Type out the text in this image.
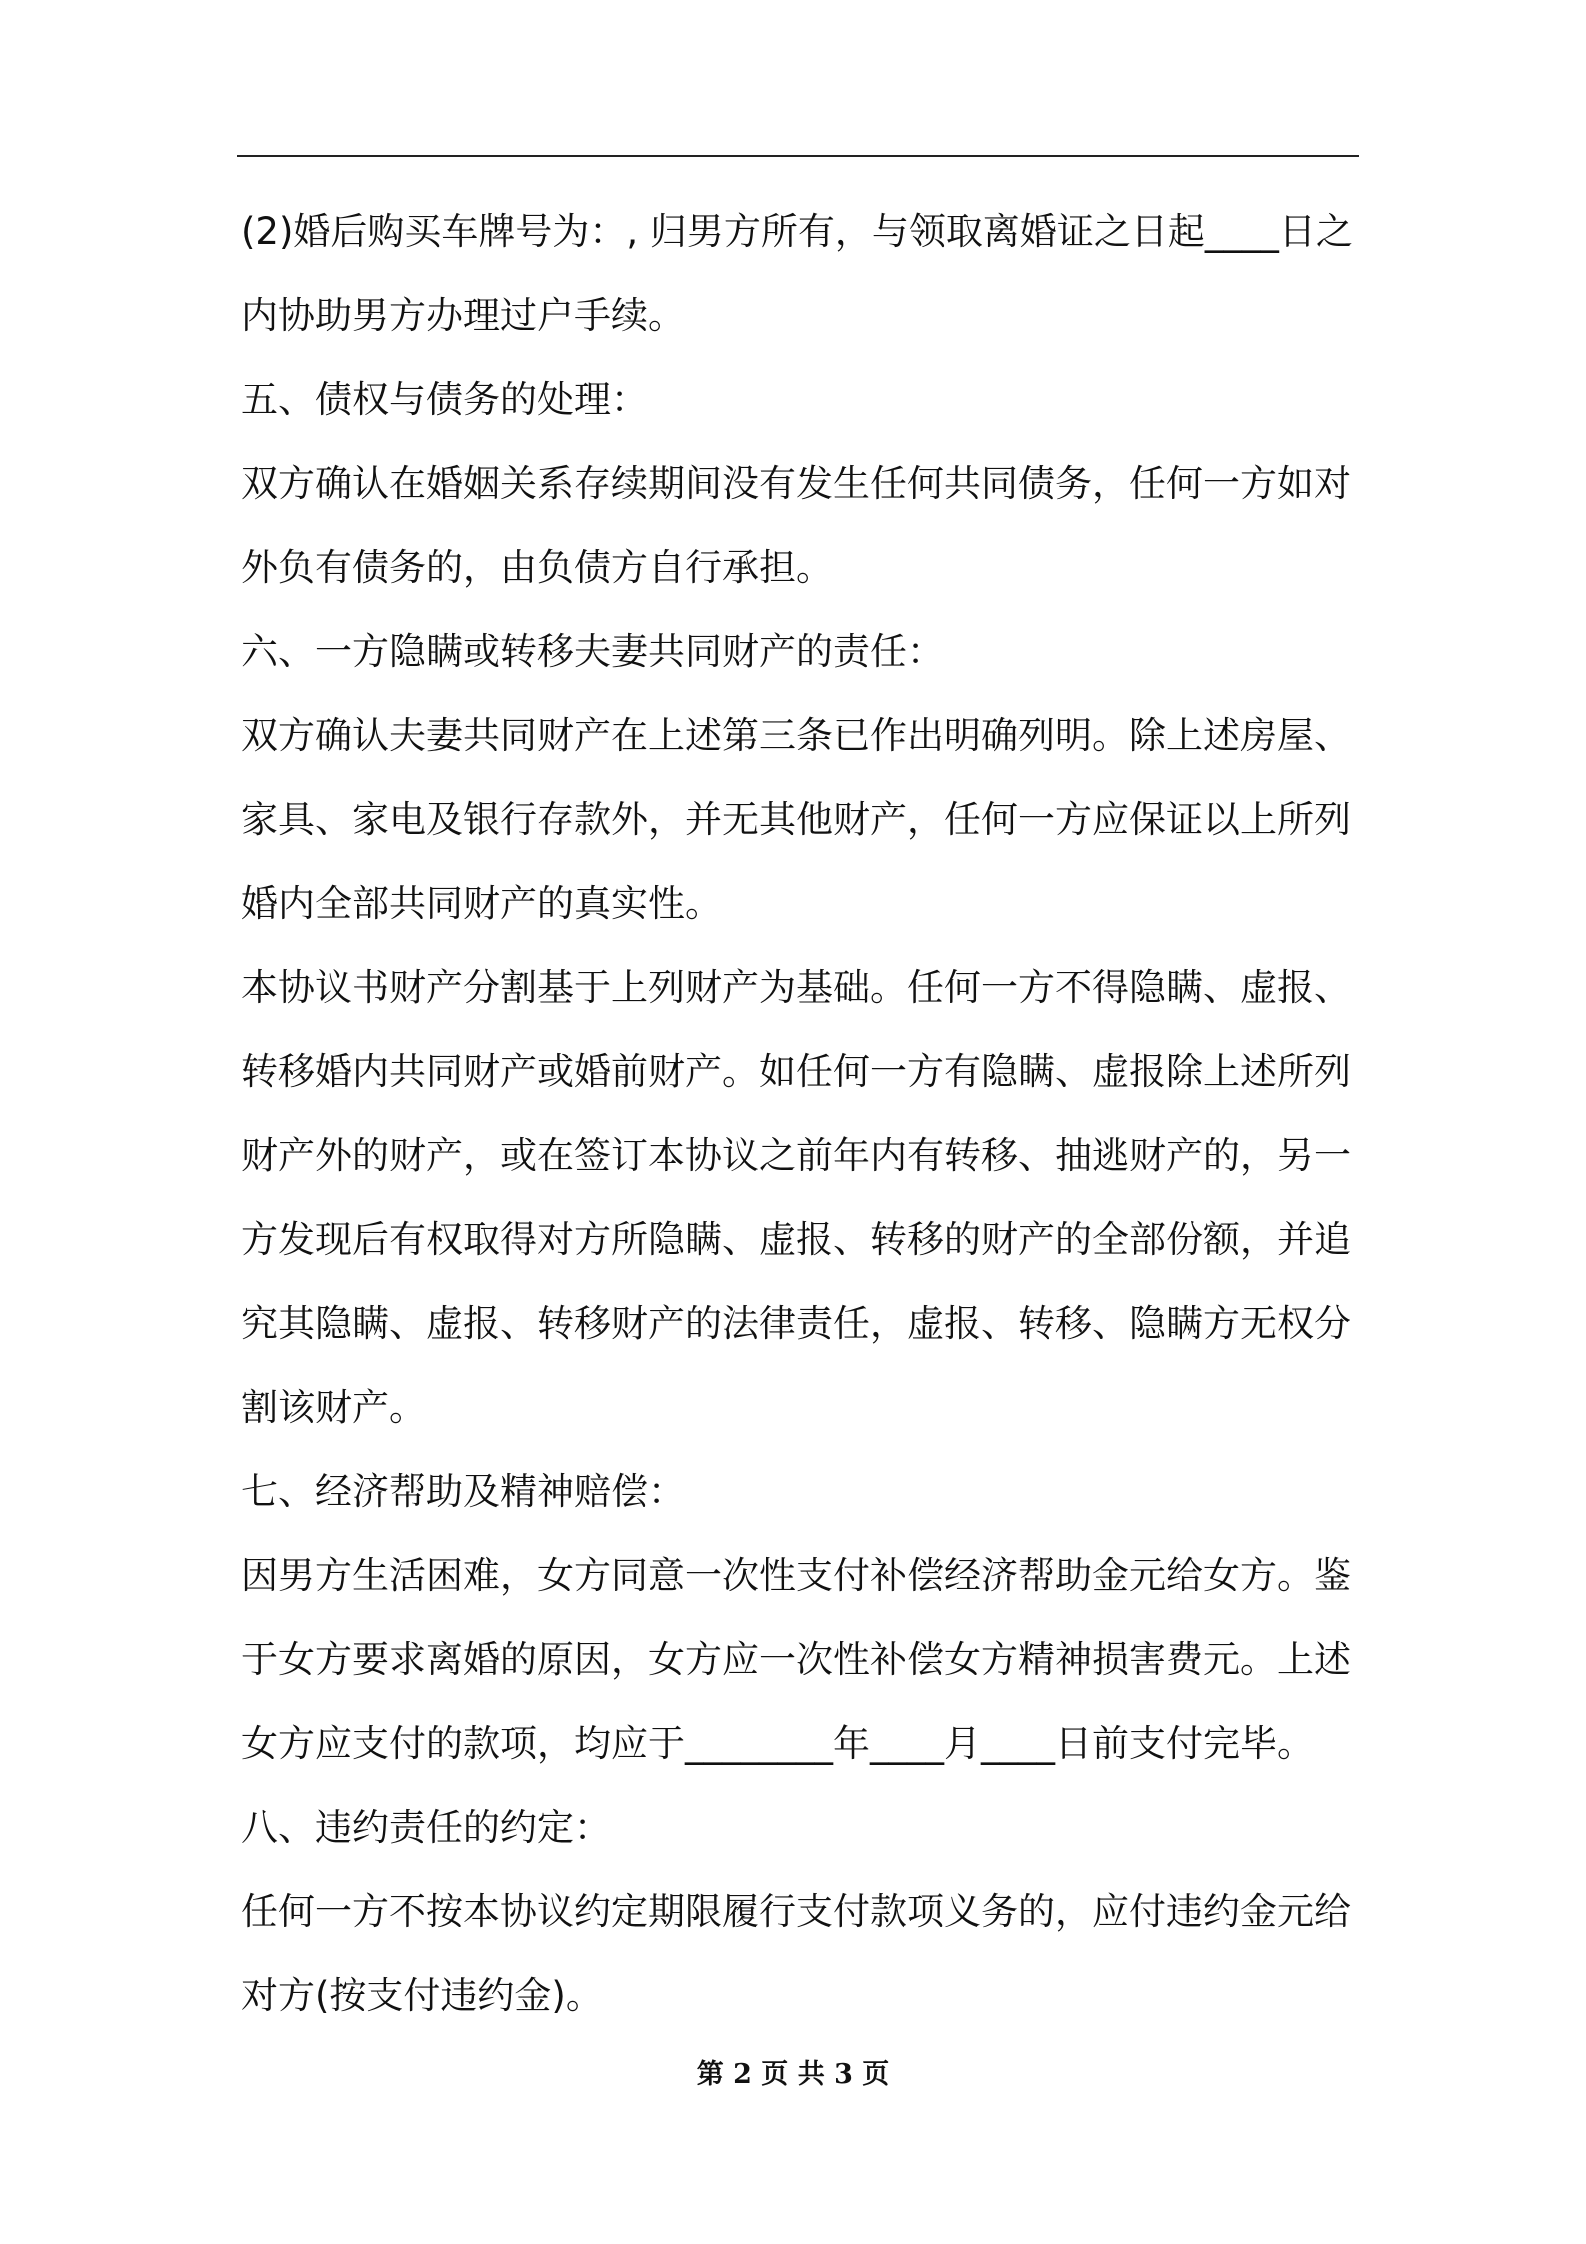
(2)婚后购买车牌号为：, 归男方所有，与领取离婚证之日起____日之
内协助男方办理过户手续。
五、债权与债务的处理：
双方确认在婚姻关系存续期间没有发生任何共同债务，任何一方如对
外负有债务的，由负债方自行承担。
六、一方隐瞒或转移夫妻共同财产的责任：
双方确认夫妻共同财产在上述第三条已作出明确列明。除上述房屋、
家具、家电及银行存款外，并无其他财产，任何一方应保证以上所列
婚内全部共同财产的真实性。
本协议书财产分割基于上列财产为基础。任何一方不得隐瞒、虚报、
转移婚内共同财产或婚前财产。如任何一方有隐瞒、虚报除上述所列
财产外的财产，或在签订本协议之前年内有转移、抽逃财产的，另一
方发现后有权取得对方所隐瞒、虚报、转移的财产的全部份额，并追
究其隐瞒、虚报、转移财产的法律责任，虚报、转移、隐瞒方无权分
割该财产。
七、经济帮助及精神赔偿：
因男方生活困难，女方同意一次性支付补偿经济帮助金元给女方。鉴
于女方要求离婚的原因，女方应一次性补偿女方精神损害费元。上述
女方应支付的款项，均应于________年____月____日前支付完毕。
八、违约责任的约定：
任何一方不按本协议约定期限履行支付款项义务的，应付违约金元给
对方(按支付违约金)。
第 2 页 共 3 页
